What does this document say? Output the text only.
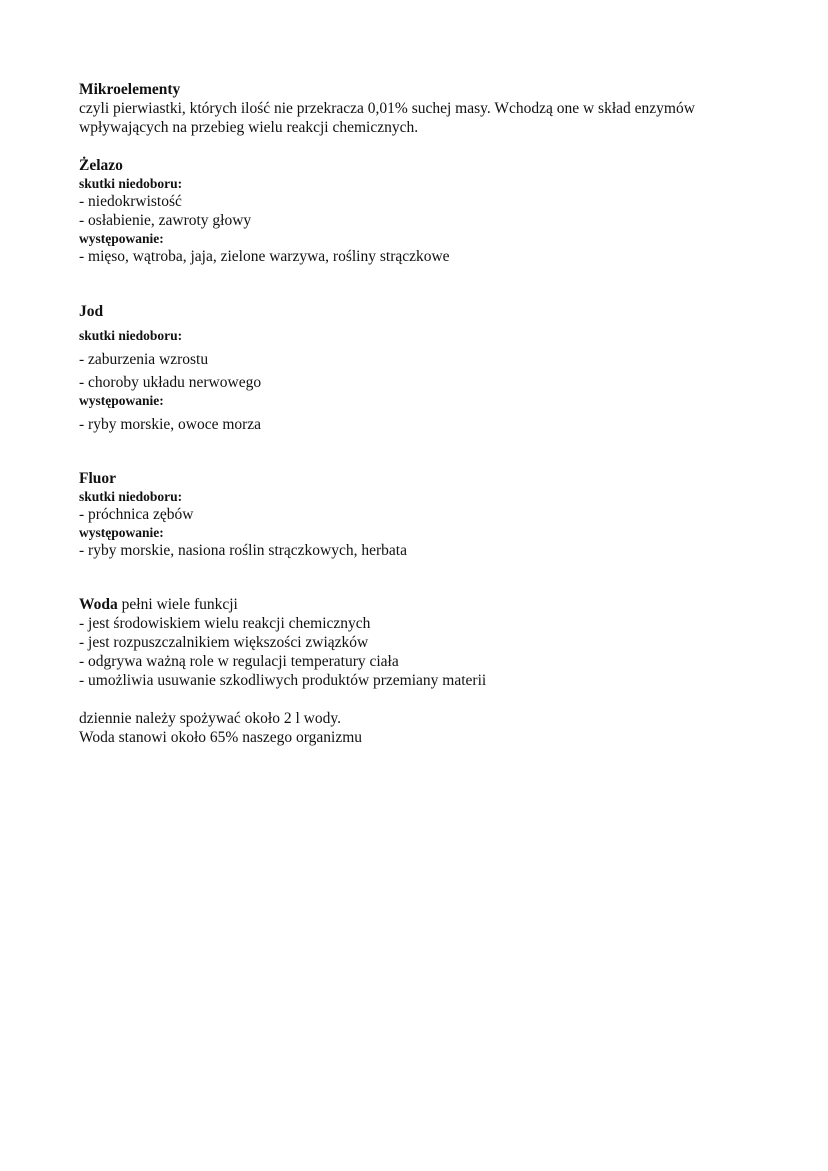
Mikroelementy
czyli pierwiastki, których ilość nie przekracza 0,01% suchej masy. Wchodzą one w skład enzymów wpływających na przebieg wielu reakcji chemicznych.
Żelazo
skutki niedoboru:
- niedokrwistość
- osłabienie, zawroty głowy
występowanie:
- mięso, wątroba, jaja, zielone warzywa, rośliny strączkowe
Jod
skutki niedoboru:
- zaburzenia wzrostu
- choroby układu nerwowego
występowanie:
- ryby morskie, owoce morza
Fluor
skutki niedoboru:
- próchnica zębów
występowanie:
- ryby morskie, nasiona roślin strączkowych, herbata
Woda pełni wiele funkcji
- jest środowiskiem wielu reakcji chemicznych
- jest rozpuszczalnikiem większości związków
- odgrywa ważną role w regulacji temperatury ciała
- umożliwia usuwanie szkodliwych produktów przemiany materii
dziennie należy spożywać około 2 l wody.
Woda stanowi około 65% naszego organizmu
